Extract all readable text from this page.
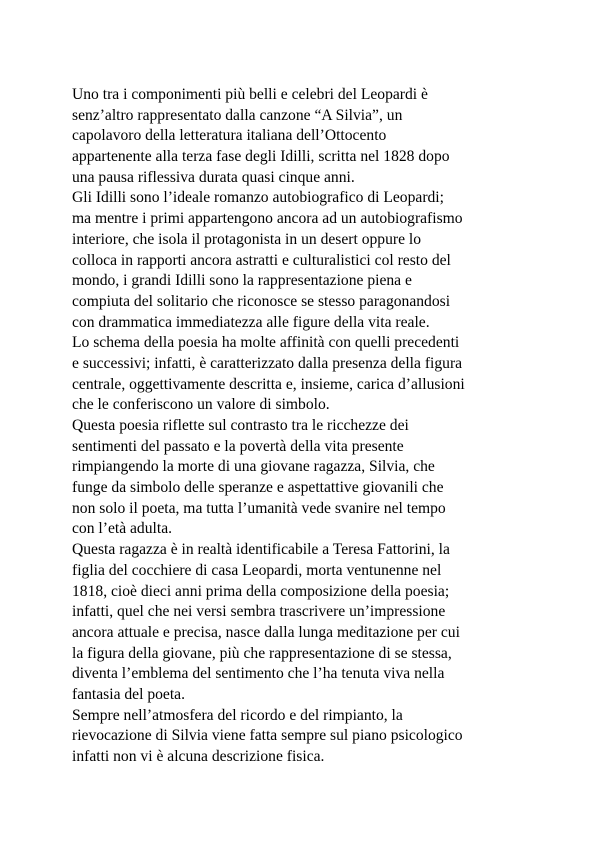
Uno tra i componimenti più belli e celebri del Leopardi è
senz’altro rappresentato dalla canzone “A Silvia”, un
capolavoro della letteratura italiana dell’Ottocento
appartenente alla terza fase degli Idilli, scritta nel 1828 dopo
una pausa riflessiva durata quasi cinque anni.
Gli Idilli sono l’ideale romanzo autobiografico di Leopardi;
ma mentre i primi appartengono ancora ad un autobiografismo
interiore, che isola il protagonista in un desert oppure lo
colloca in rapporti ancora astratti e culturalistici col resto del
mondo, i grandi Idilli sono la rappresentazione piena e
compiuta del solitario che riconosce se stesso paragonandosi
con drammatica immediatezza alle figure della vita reale.
Lo schema della poesia ha molte affinità con quelli precedenti
e successivi; infatti, è caratterizzato dalla presenza della figura
centrale, oggettivamente descritta e, insieme, carica d’allusioni
che le conferiscono un valore di simbolo.
Questa poesia riflette sul contrasto tra le ricchezze dei
sentimenti del passato e la povertà della vita presente
rimpiangendo la morte di una giovane ragazza, Silvia, che
funge da simbolo delle speranze e aspettattive giovanili che
non solo il poeta, ma tutta l’umanità vede svanire nel tempo
con l’età adulta.
Questa ragazza è in realtà identificabile a Teresa Fattorini, la
figlia del cocchiere di casa Leopardi, morta ventunenne nel
1818, cioè dieci anni prima della composizione della poesia;
infatti, quel che nei versi sembra trascrivere un’impressione
ancora attuale e precisa, nasce dalla lunga meditazione per cui
la figura della giovane, più che rappresentazione di se stessa,
diventa l’emblema del sentimento che l’ha tenuta viva nella
fantasia del poeta.
Sempre nell’atmosfera del ricordo e del rimpianto, la
rievocazione di Silvia viene fatta sempre sul piano psicologico
infatti non vi è alcuna descrizione fisica.
